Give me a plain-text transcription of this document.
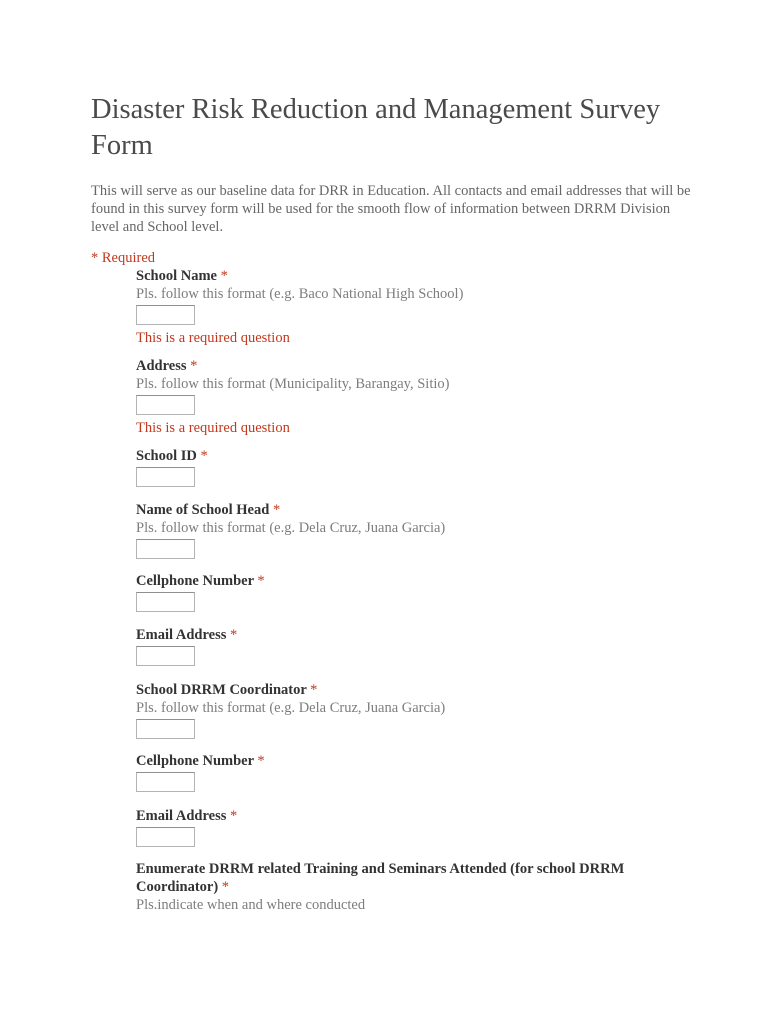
Disaster Risk Reduction and Management Survey Form

This will serve as our baseline data for DRR in Education. All contacts and email addresses that will be found in this survey form will be used for the smooth flow of information between DRRM Division level and School level.

* Required

School Name *

Pls. follow this format (e.g. Baco National High School)

This is a required question

Address *

Pls. follow this format (Municipality, Barangay, Sitio)

This is a required question

School ID *

Name of School Head *

Pls. follow this format (e.g. Dela Cruz, Juana Garcia)

Cellphone Number *

Email Address *

School DRRM Coordinator *

Pls. follow this format (e.g. Dela Cruz, Juana Garcia)

Cellphone Number *

Email Address *

Enumerate DRRM related Training and Seminars Attended (for school DRRM Coordinator) *

Pls.indicate when and where conducted
